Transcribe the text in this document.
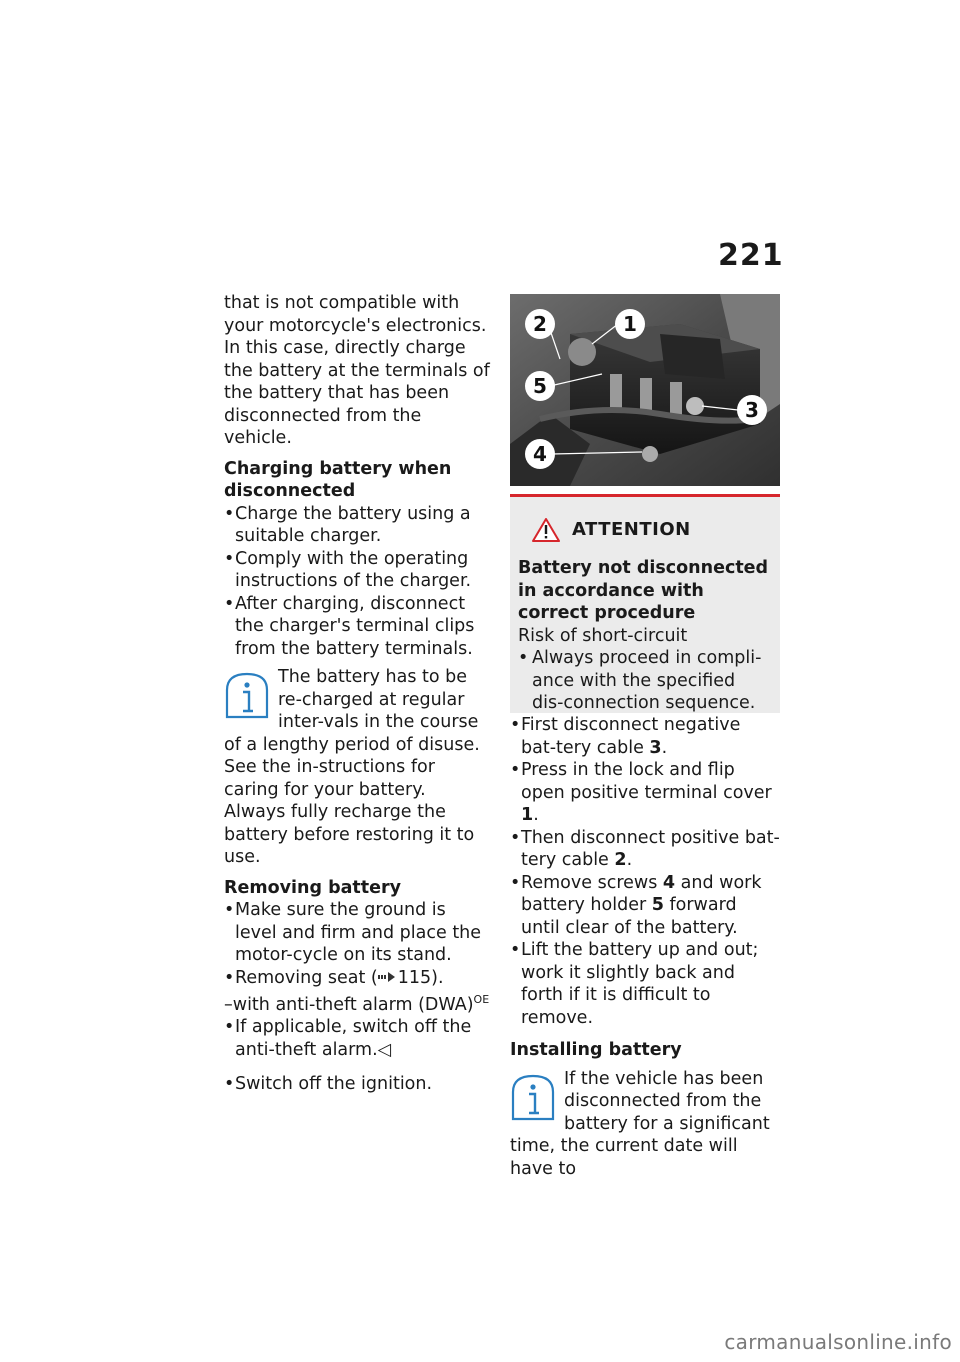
221

that is not compatible with your motorcycle's electronics. In this case, directly charge the battery at the terminals of the battery that has been disconnected from the vehicle.

Charging battery when disconnected

• Charge the battery using a suitable charger.
• Comply with the operating instructions of the charger.
• After charging, disconnect the charger's terminal clips from the battery terminals.

The battery has to be re-charged at regular inter-vals in the course of a lengthy period of disuse. See the in-structions for caring for your battery. Always fully recharge the battery before restoring it to use.

Removing battery

• Make sure the ground is level and firm and place the motor-cycle on its stand.
• Removing seat ( 115).

–with anti-theft alarm (DWA)$^{OE}$

• If applicable, switch off the anti-theft alarm.◁
• Switch off the ignition.
2	1
5
3
4
ATTENTION

Battery not disconnected in accordance with correct procedure

Risk of short-circuit

• Always proceed in compli-ance with the specified dis-connection sequence.
• First disconnect negative bat-tery cable 3.
• Press in the lock and flip open positive terminal cover 1.
• Then disconnect positive bat-tery cable 2.
• Remove screws 4 and work battery holder 5 forward until clear of the battery.
• Lift the battery up and out; work it slightly back and forth if it is difficult to remove.

Installing battery

If the vehicle has been disconnected from the battery for a significant time, the current date will have to

carmanualsonline.info
